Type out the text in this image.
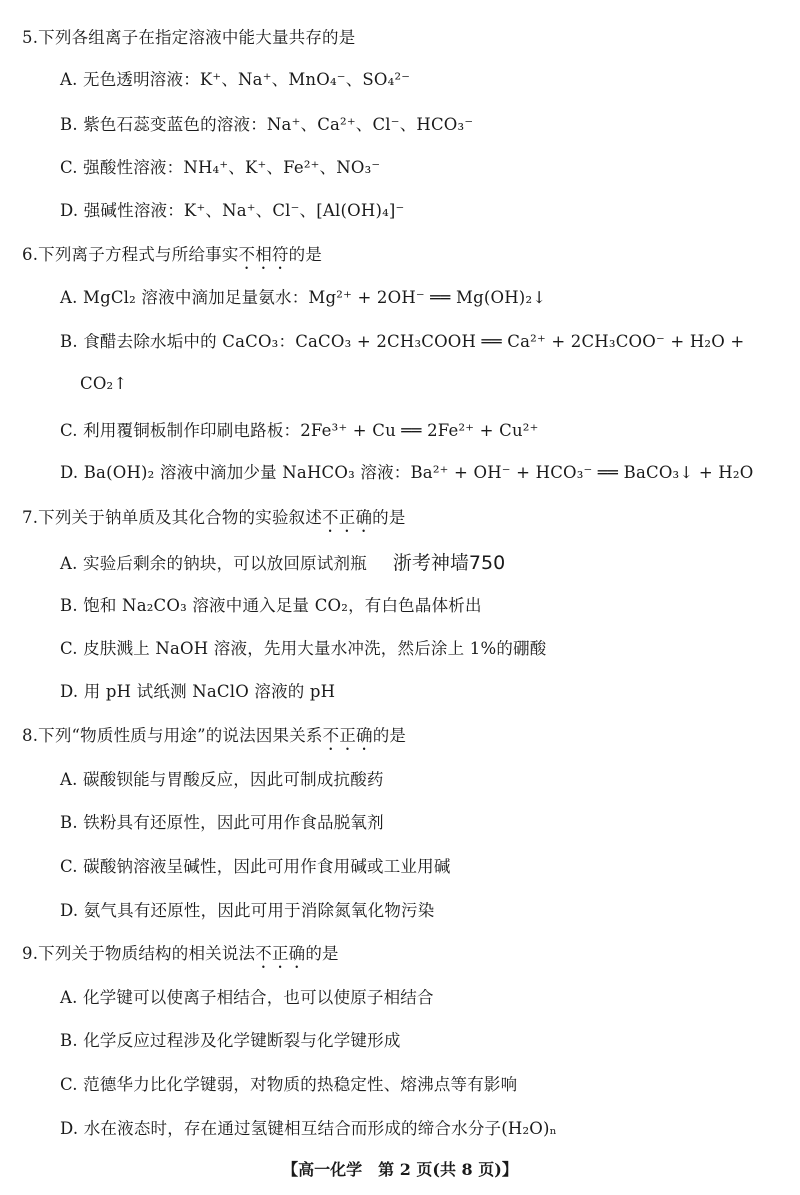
5.下列各组离子在指定溶液中能大量共存的是
A. 无色透明溶液：K⁺、Na⁺、MnO₄⁻、SO₄²⁻
B. 紫色石蕊变蓝色的溶液：Na⁺、Ca²⁺、Cl⁻、HCO₃⁻
C. 强酸性溶液：NH₄⁺、K⁺、Fe²⁺、NO₃⁻
D. 强碱性溶液：K⁺、Na⁺、Cl⁻、[Al(OH)₄]⁻
6.下列离子方程式与所给事实不相符的是
A. MgCl₂ 溶液中滴加足量氨水：Mg²⁺ + 2OH⁻ ══ Mg(OH)₂↓
B. 食醋去除水垢中的 CaCO₃：CaCO₃ + 2CH₃COOH ══ Ca²⁺ + 2CH₃COO⁻ + H₂O +
CO₂↑
C. 利用覆铜板制作印刷电路板：2Fe³⁺ + Cu ══ 2Fe²⁺ + Cu²⁺
D. Ba(OH)₂ 溶液中滴加少量 NaHCO₃ 溶液：Ba²⁺ + OH⁻ + HCO₃⁻ ══ BaCO₃↓ + H₂O
7.下列关于钠单质及其化合物的实验叙述不正确的是
A. 实验后剩余的钠块，可以放回原试剂瓶 浙考神墙750
B. 饱和 Na₂CO₃ 溶液中通入足量 CO₂，有白色晶体析出
C. 皮肤溅上 NaOH 溶液，先用大量水冲洗，然后涂上 1%的硼酸
D. 用 pH 试纸测 NaClO 溶液的 pH
8.下列“物质性质与用途”的说法因果关系不正确的是
A. 碳酸钡能与胃酸反应，因此可制成抗酸药
B. 铁粉具有还原性，因此可用作食品脱氧剂
C. 碳酸钠溶液呈碱性，因此可用作食用碱或工业用碱
D. 氨气具有还原性，因此可用于消除氮氧化物污染
9.下列关于物质结构的相关说法不正确的是
A. 化学键可以使离子相结合，也可以使原子相结合
B. 化学反应过程涉及化学键断裂与化学键形成
C. 范德华力比化学键弱，对物质的热稳定性、熔沸点等有影响
D. 水在液态时，存在通过氢键相互结合而形成的缔合水分子(H₂O)ₙ
【高一化学　第 2 页(共 8 页)】
